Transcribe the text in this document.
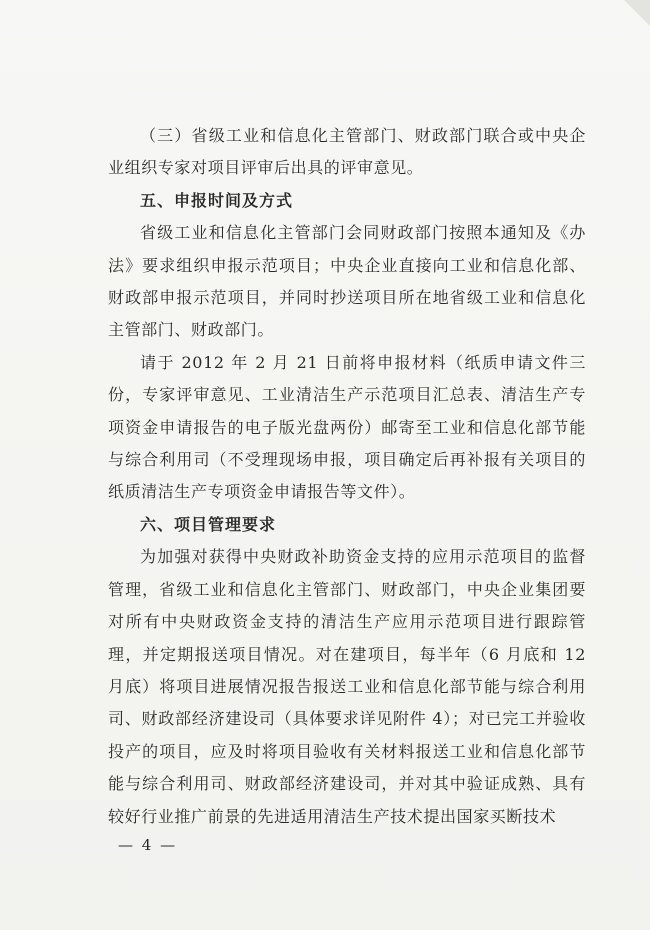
（三）省级工业和信息化主管部门、财政部门联合或中央企业组织专家对项目评审后出具的评审意见。

五、申报时间及方式

省级工业和信息化主管部门会同财政部门按照本通知及《办法》要求组织申报示范项目；中央企业直接向工业和信息化部、财政部申报示范项目，并同时抄送项目所在地省级工业和信息化主管部门、财政部门。

请于 2012 年 2 月 21 日前将申报材料（纸质申请文件三份，专家评审意见、工业清洁生产示范项目汇总表、清洁生产专项资金申请报告的电子版光盘两份）邮寄至工业和信息化部节能与综合利用司（不受理现场申报，项目确定后再补报有关项目的纸质清洁生产专项资金申请报告等文件）。

六、项目管理要求

为加强对获得中央财政补助资金支持的应用示范项目的监督管理，省级工业和信息化主管部门、财政部门，中央企业集团要对所有中央财政资金支持的清洁生产应用示范项目进行跟踪管理，并定期报送项目情况。对在建项目，每半年（6 月底和 12 月底）将项目进展情况报告报送工业和信息化部节能与综合利用司、财政部经济建设司（具体要求详见附件 4）；对已完工并验收投产的项目，应及时将项目验收有关材料报送工业和信息化部节能与综合利用司、财政部经济建设司，并对其中验证成熟、具有较好行业推广前景的先进适用清洁生产技术提出国家买断技术

— 4 —
